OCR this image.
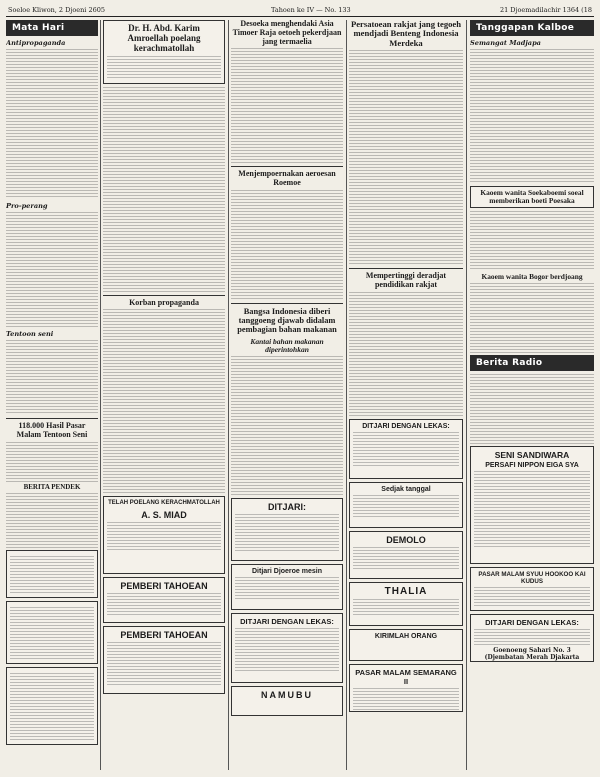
Soeloe Kliwon, 2 Djoeni 2605	Tahoen ke IV — No. 133	21 Djoemadilachir 1364 (18
Mata Hari
Antipropaganda
Pro-perang
Tentoon seni
118.000 Hasil Pasar Malam Tentoon Seni
BERITA PENDEK
Dr. H. Abd. Karim Amroellah poelang kerachmatollah
Korban propaganda
TELAH POELANG KERACHMATOLLAH
A. S. MIAD
PEMBERI TAHOEAN
PEMBERI TAHOEAN
Desoeka menghendaki Asia Timoer Raja oetoeh pekerdjaan jang termaelia
Menjempoernakan aeroesan Roemoe
Bangsa Indonesia diberi tanggoeng djawab didalam pembagian bahan makanan
Kantai bahan makanan diperintohkan
DITJARI:
Ditjari Djoeroe mesin
DITJARI DENGAN LEKAS:
NAMUBU
Persatoean rakjat jang tegoeh mendjadi Benteng Indonesia Merdeka
Mempertinggi deradjat pendidikan rakjat
DITJARI DENGAN LEKAS:
Sedjak tanggal
DEMOLO
THALIA
KIRIMLAH ORANG
PASAR MALAM SEMARANG II
Tanggapan Kalboe
Semangat Madjapa
Kaoem wanita Soekaboemi soeal memberikan boeti Poesaka
Kaoem wanita Bogor berdjoang
Berita Radio
SENI SANDIWARA
PERSAFI NIPPON EIGA SYA
PASAR MALAM SYUU HOOKOO KAI KUDUS
DITJARI DENGAN LEKAS:
Goenoeng Sahari No. 3 (Djembatan Merah Djakarta
